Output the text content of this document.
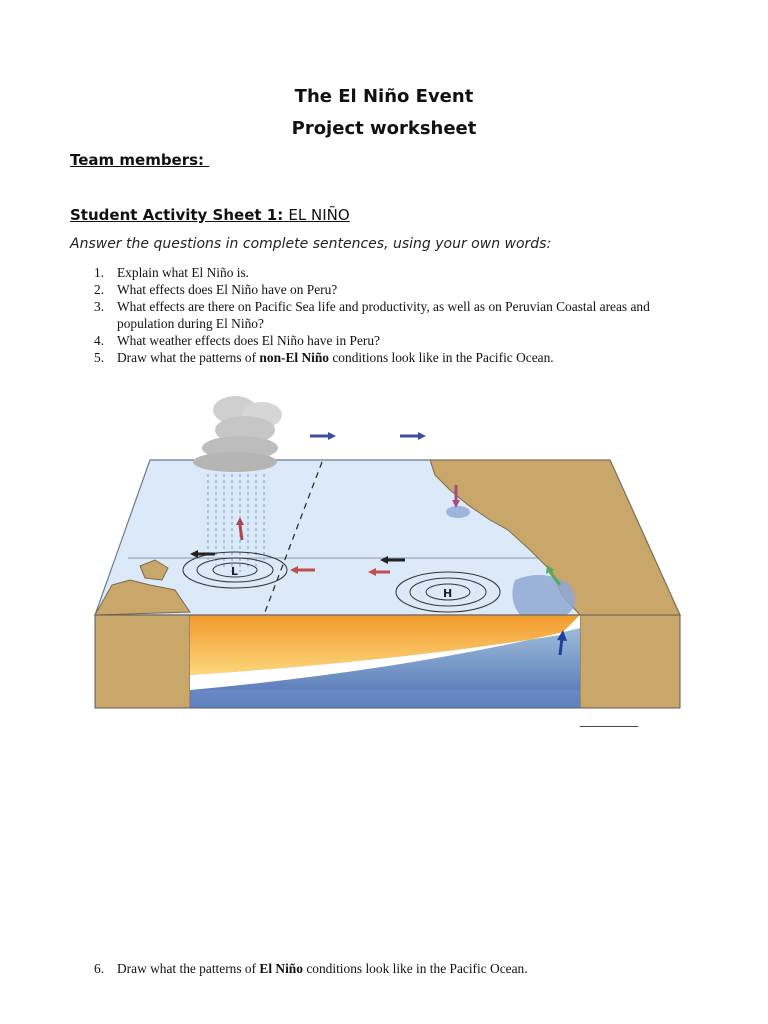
The El Niño Event
Project worksheet
Team members:
Student Activity Sheet 1: EL NIÑO
Answer the questions in complete sentences, using your own words:
1. Explain what El Niño is.
2. What effects does El Niño have on Peru?
3. What effects are there on Pacific Sea life and productivity, as well as on Peruvian Coastal areas and population during El Niño?
4. What weather effects does El Niño have in Peru?
5. Draw what the patterns of non-El Niño conditions look like in the Pacific Ocean.
L
H
6. Draw what the patterns of El Niño conditions look like in the Pacific Ocean.
